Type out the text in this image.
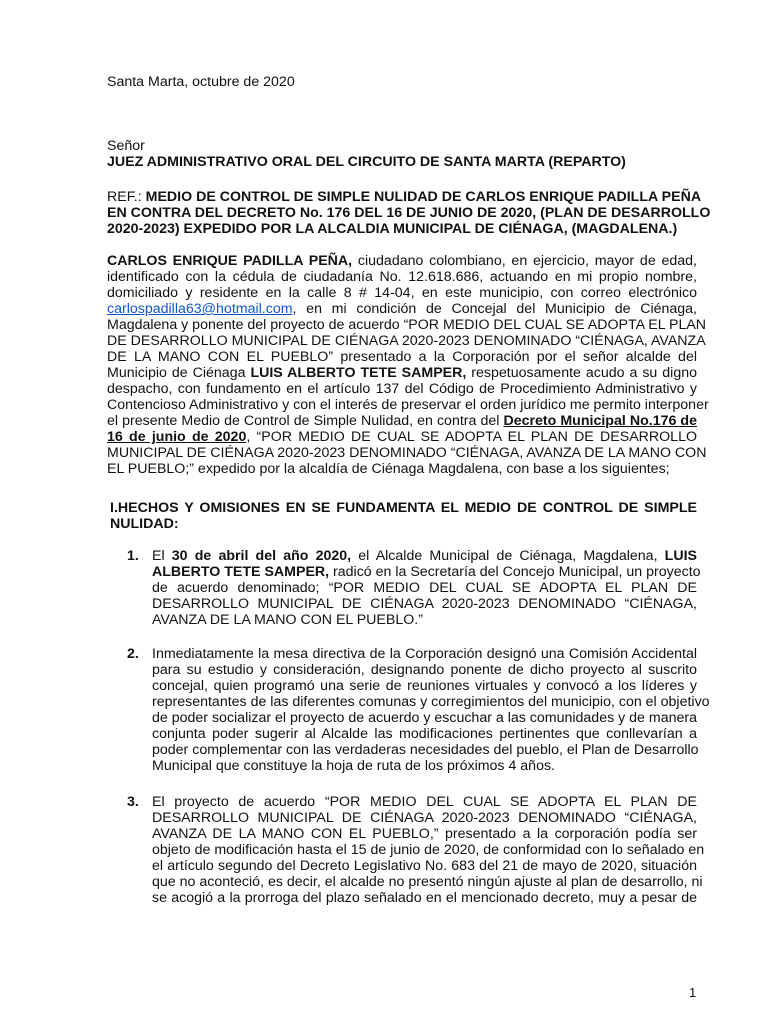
Santa Marta, octubre de 2020
Señor
JUEZ ADMINISTRATIVO ORAL DEL CIRCUITO DE SANTA MARTA (REPARTO)
REF.: MEDIO DE CONTROL DE SIMPLE NULIDAD DE CARLOS ENRIQUE PADILLA PEÑA
EN CONTRA DEL DECRETO No. 176 DEL 16 DE JUNIO DE 2020, (PLAN DE DESARROLLO
2020-2023) EXPEDIDO POR LA ALCALDIA MUNICIPAL DE CIÉNAGA, (MAGDALENA.)
CARLOS ENRIQUE PADILLA PEÑA, ciudadano colombiano, en ejercicio, mayor de edad,
identificado con la cédula de ciudadanía No. 12.618.686, actuando en mi propio nombre,
domiciliado y residente en la calle 8 # 14-04, en este municipio, con correo electrónico
carlospadilla63@hotmail.com, en mi condición de Concejal del Municipio de Ciénaga,
Magdalena y ponente del proyecto de acuerdo “POR MEDIO DEL CUAL SE ADOPTA EL PLAN
DE DESARROLLO MUNICIPAL DE CIÉNAGA 2020-2023 DENOMINADO “CIÉNAGA, AVANZA
DE LA MANO CON EL PUEBLO” presentado a la Corporación por el señor alcalde del
Municipio de Ciénaga LUIS ALBERTO TETE SAMPER, respetuosamente acudo a su digno
despacho, con fundamento en el artículo 137 del Código de Procedimiento Administrativo y
Contencioso Administrativo y con el interés de preservar el orden jurídico me permito interponer
el presente Medio de Control de Simple Nulidad, en contra del Decreto Municipal No.176 de
16 de junio de 2020, “POR MEDIO DE CUAL SE ADOPTA EL PLAN DE DESARROLLO
MUNICIPAL DE CIÉNAGA 2020-2023 DENOMINADO “CIÉNAGA, AVANZA DE LA MANO CON
EL PUEBLO;” expedido por la alcaldía de Ciénaga Magdalena, con base a los siguientes;
I.HECHOS Y OMISIONES EN SE FUNDAMENTA EL MEDIO DE CONTROL DE SIMPLE
NULIDAD:
1. El 30 de abril del año 2020, el Alcalde Municipal de Ciénaga, Magdalena, LUIS
ALBERTO TETE SAMPER, radicó en la Secretaría del Concejo Municipal, un proyecto
de acuerdo denominado; “POR MEDIO DEL CUAL SE ADOPTA EL PLAN DE
DESARROLLO MUNICIPAL DE CIÉNAGA 2020-2023 DENOMINADO “CIÉNAGA,
AVANZA DE LA MANO CON EL PUEBLO.”
2. Inmediatamente la mesa directiva de la Corporación designó una Comisión Accidental
para su estudio y consideración, designando ponente de dicho proyecto al suscrito
concejal, quien programó una serie de reuniones virtuales y convocó a los líderes y
representantes de las diferentes comunas y corregimientos del municipio, con el objetivo
de poder socializar el proyecto de acuerdo y escuchar a las comunidades y de manera
conjunta poder sugerir al Alcalde las modificaciones pertinentes que conllevarían a
poder complementar con las verdaderas necesidades del pueblo, el Plan de Desarrollo
Municipal que constituye la hoja de ruta de los próximos 4 años.
3. El proyecto de acuerdo “POR MEDIO DEL CUAL SE ADOPTA EL PLAN DE
DESARROLLO MUNICIPAL DE CIÉNAGA 2020-2023 DENOMINADO “CIÉNAGA,
AVANZA DE LA MANO CON EL PUEBLO,” presentado a la corporación podía ser
objeto de modificación hasta el 15 de junio de 2020, de conformidad con lo señalado en
el artículo segundo del Decreto Legislativo No. 683 del 21 de mayo de 2020, situación
que no aconteció, es decir, el alcalde no presentó ningún ajuste al plan de desarrollo, ni
se acogió a la prorroga del plazo señalado en el mencionado decreto, muy a pesar de
1
